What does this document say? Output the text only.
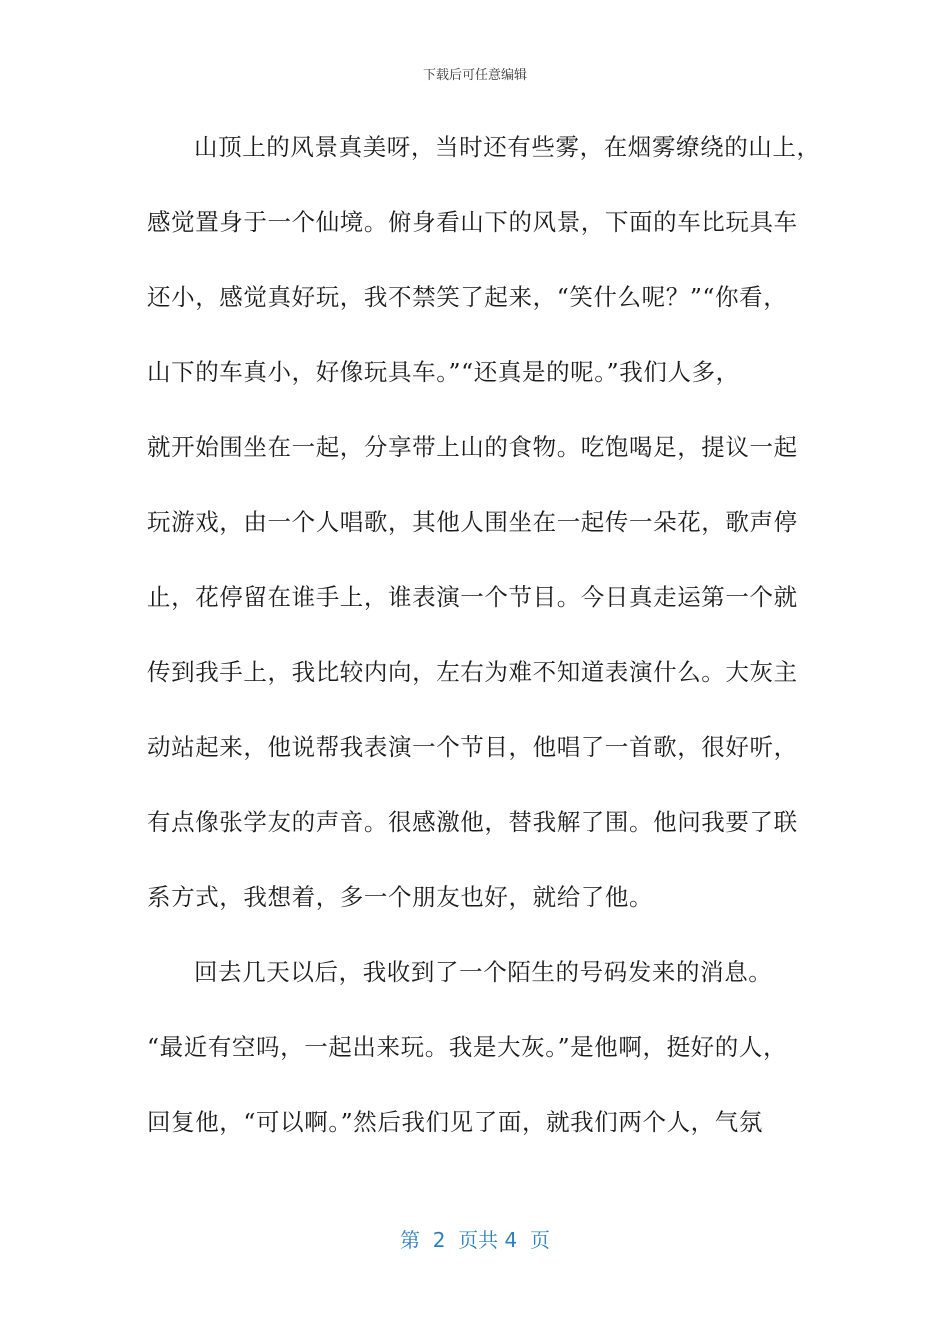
下载后可任意编辑
山顶上的风景真美呀，当时还有些雾，在烟雾缭绕的山上，
感觉置身于一个仙境。俯身看山下的风景，下面的车比玩具车
还小，感觉真好玩，我不禁笑了起来，“笑什么呢？”“你看，
山下的车真小，好像玩具车。”“还真是的呢。”我们人多，
就开始围坐在一起，分享带上山的食物。吃饱喝足，提议一起
玩游戏，由一个人唱歌，其他人围坐在一起传一朵花，歌声停
止，花停留在谁手上，谁表演一个节目。今日真走运第一个就
传到我手上，我比较内向，左右为难不知道表演什么。大灰主
动站起来，他说帮我表演一个节目，他唱了一首歌，很好听，
有点像张学友的声音。很感激他，替我解了围。他问我要了联
系方式，我想着，多一个朋友也好，就给了他。
回去几天以后，我收到了一个陌生的号码发来的消息。
“最近有空吗，一起出来玩。我是大灰。”是他啊，挺好的人，
回复他，“可以啊。”然后我们见了面，就我们两个人，气氛
第  2  页共 4  页
